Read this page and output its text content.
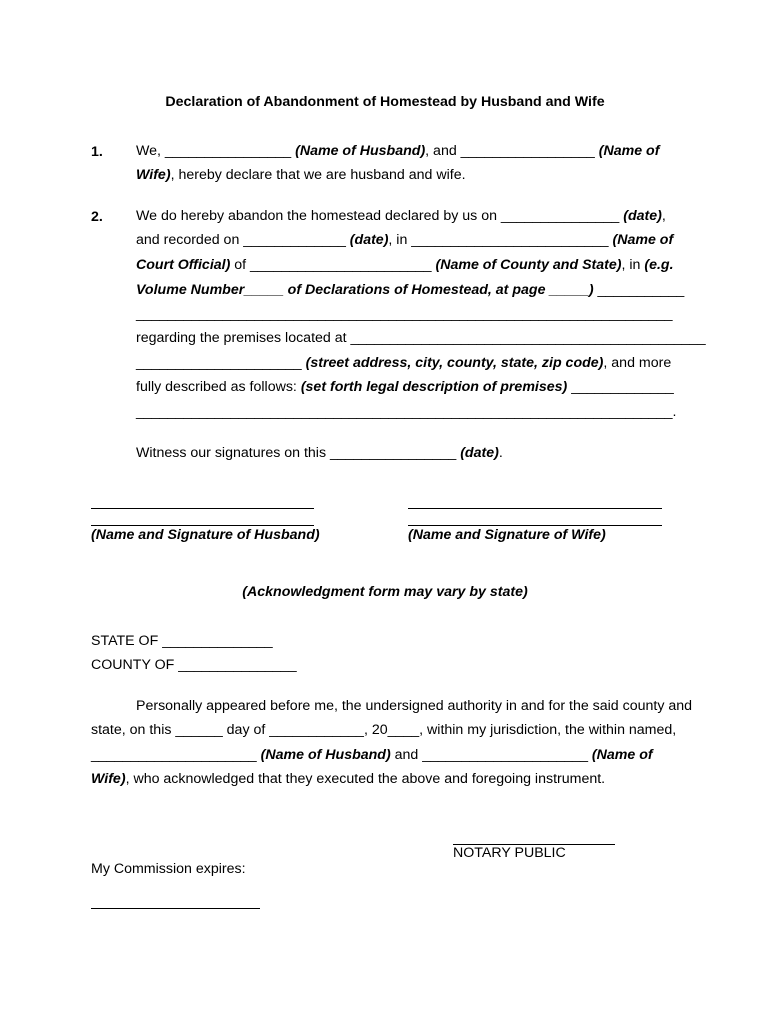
Declaration of Abandonment of Homestead by Husband and Wife
1. We, ________________ (Name of Husband), and _________________ (Name of
Wife), hereby declare that we are husband and wife.
2. We do hereby abandon the homestead declared by us on _______________ (date),
and recorded on _____________ (date), in _________________________ (Name of
Court Official) of _______________________ (Name of County and State), in (e.g.
Volume Number_____ of Declarations of Homestead, at page _____) ___________
____________________________________________________________________
regarding the premises located at _____________________________________________
_____________________ (street address, city, county, state, zip code), and more
fully described as follows: (set forth legal description of premises) _____________
____________________________________________________________________.
Witness our signatures on this ________________ (date).
(Name and Signature of Husband)	(Name and Signature of Wife)
(Acknowledgment form may vary by state)
STATE OF ______________
COUNTY OF _______________
Personally appeared before me, the undersigned authority in and for the said county and
state, on this ______ day of ____________, 20____, within my jurisdiction, the within named,
_____________________ (Name of Husband) and _____________________ (Name of
Wife), who acknowledged that they executed the above and foregoing instrument.
NOTARY PUBLIC
My Commission expires:
